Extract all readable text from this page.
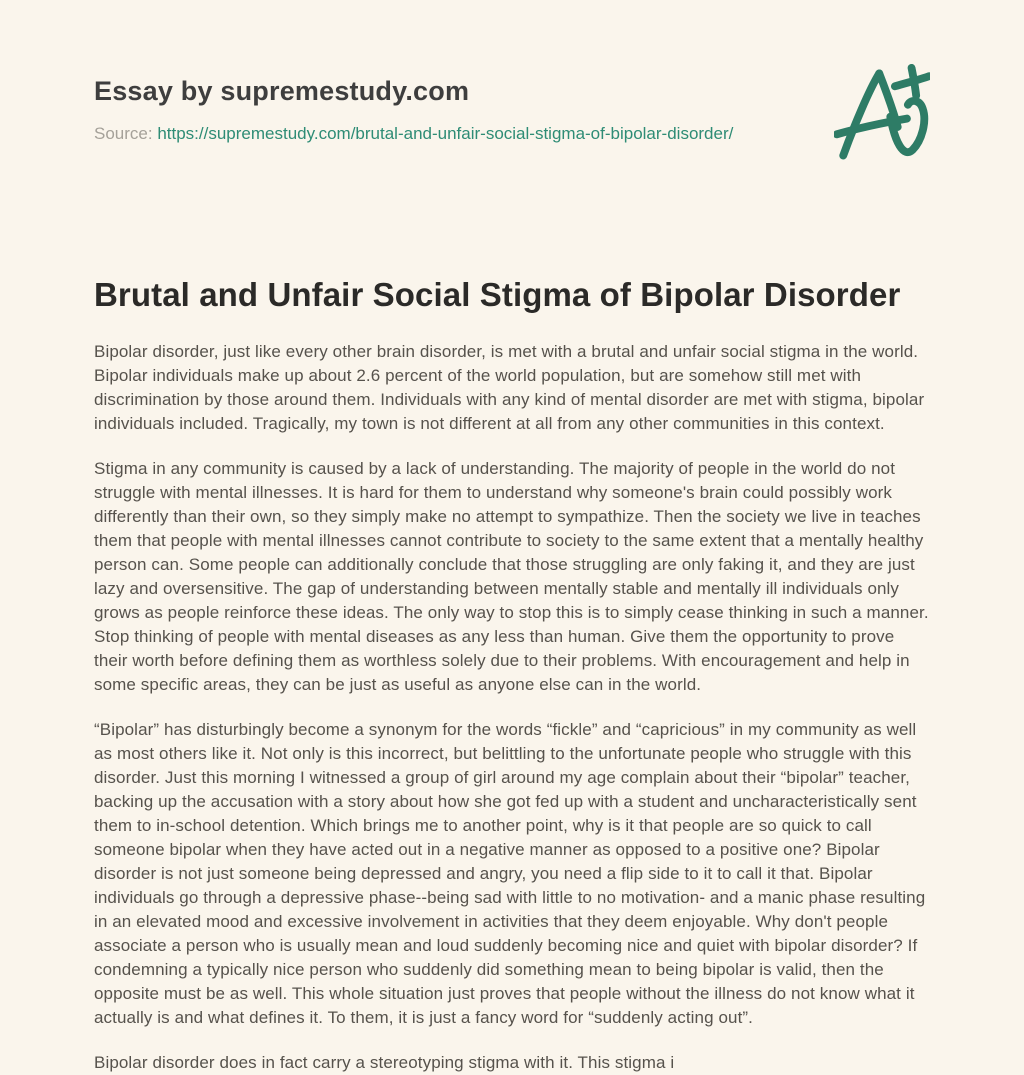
Essay by supremestudy.com

Source: https://supremestudy.com/brutal-and-unfair-social-stigma-of-bipolar-disorder/

Brutal and Unfair Social Stigma of Bipolar Disorder

Bipolar disorder, just like every other brain disorder, is met with a brutal and unfair social stigma in the world. Bipolar individuals make up about 2.6 percent of the world population, but are somehow still met with discrimination by those around them. Individuals with any kind of mental disorder are met with stigma, bipolar individuals included. Tragically, my town is not different at all from any other communities in this context.

Stigma in any community is caused by a lack of understanding. The majority of people in the world do not struggle with mental illnesses. It is hard for them to understand why someone's brain could possibly work differently than their own, so they simply make no attempt to sympathize. Then the society we live in teaches them that people with mental illnesses cannot contribute to society to the same extent that a mentally healthy person can. Some people can additionally conclude that those struggling are only faking it, and they are just lazy and oversensitive. The gap of understanding between mentally stable and mentally ill individuals only grows as people reinforce these ideas. The only way to stop this is to simply cease thinking in such a manner. Stop thinking of people with mental diseases as any less than human. Give them the opportunity to prove their worth before defining them as worthless solely due to their problems. With encouragement and help in some specific areas, they can be just as useful as anyone else can in the world.

“Bipolar” has disturbingly become a synonym for the words “fickle” and “capricious” in my community as well as most others like it. Not only is this incorrect, but belittling to the unfortunate people who struggle with this disorder. Just this morning I witnessed a group of girl around my age complain about their “bipolar” teacher, backing up the accusation with a story about how she got fed up with a student and uncharacteristically sent them to in-school detention. Which brings me to another point, why is it that people are so quick to call someone bipolar when they have acted out in a negative manner as opposed to a positive one? Bipolar disorder is not just someone being depressed and angry, you need a flip side to it to call it that. Bipolar individuals go through a depressive phase--being sad with little to no motivation- and a manic phase resulting in an elevated mood and excessive involvement in activities that they deem enjoyable. Why don't people associate a person who is usually mean and loud suddenly becoming nice and quiet with bipolar disorder? If condemning a typically nice person who suddenly did something mean to being bipolar is valid, then the opposite must be as well. This whole situation just proves that people without the illness do not know what it actually is and what defines it. To them, it is just a fancy word for “suddenly acting out”.

Bipolar disorder does in fact carry a stereotyping stigma with it. This stigma i
